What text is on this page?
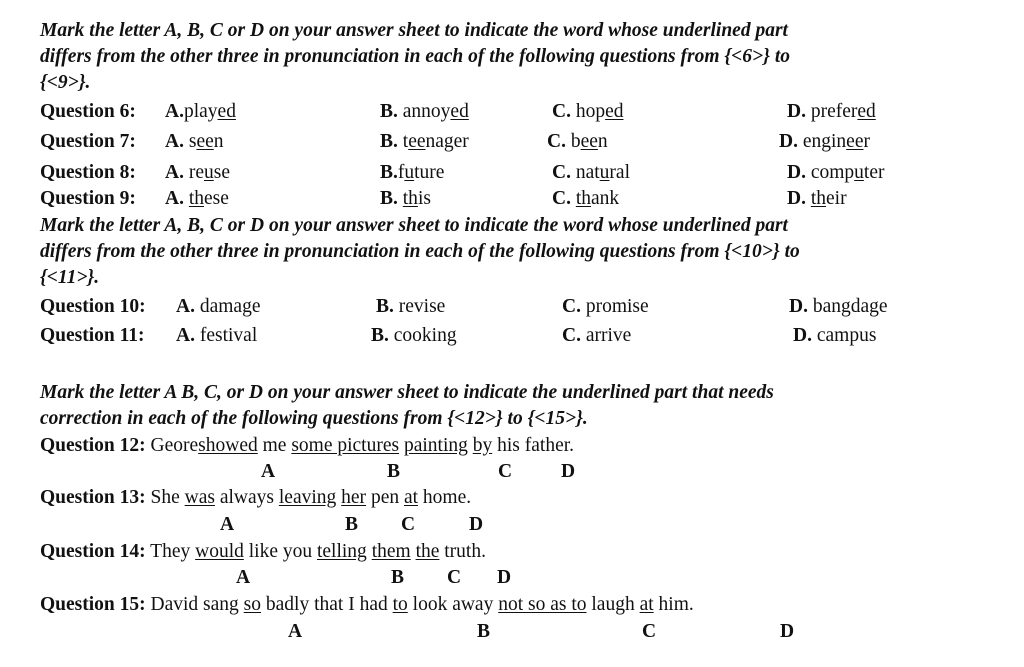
Mark the letter A, B, C or D on your answer sheet to indicate the word whose underlined part
differs from the other three in pronunciation in each of the following questions from {<6>} to
{<9>}.
Question 6: A.played	B. annoyed	C. hoped	D. prefered
Question 7: A. seen	B. teenager	C. been	D. engineer
Question 8: A. reuse	B.future	C. natural	D. computer
Question 9: A. these	B. this	C. thank	D. their
Mark the letter A, B, C or D on your answer sheet to indicate the word whose underlined part
differs from the other three in pronunciation in each of the following questions from {<10>} to
{<11>}.
Question 10: A. damage	B. revise	C. promise	D. bangdage
Question 11: A. festival	B. cooking	C. arrive	D. campus
Mark the letter A B, C, or D on your answer sheet to indicate the underlined part that needs
correction in each of the following questions from {<12>} to {<15>}.
Question 12: Georeshowed me some pictures painting by his father.
A	B	C	D
Question 13: She was always leaving her pen at home.
A	B C	D
Question 14: They would like you telling them the truth.
A	B C D
Question 15: David sang so badly that I had to look away not so as to laugh at him.
A	B	C	D
